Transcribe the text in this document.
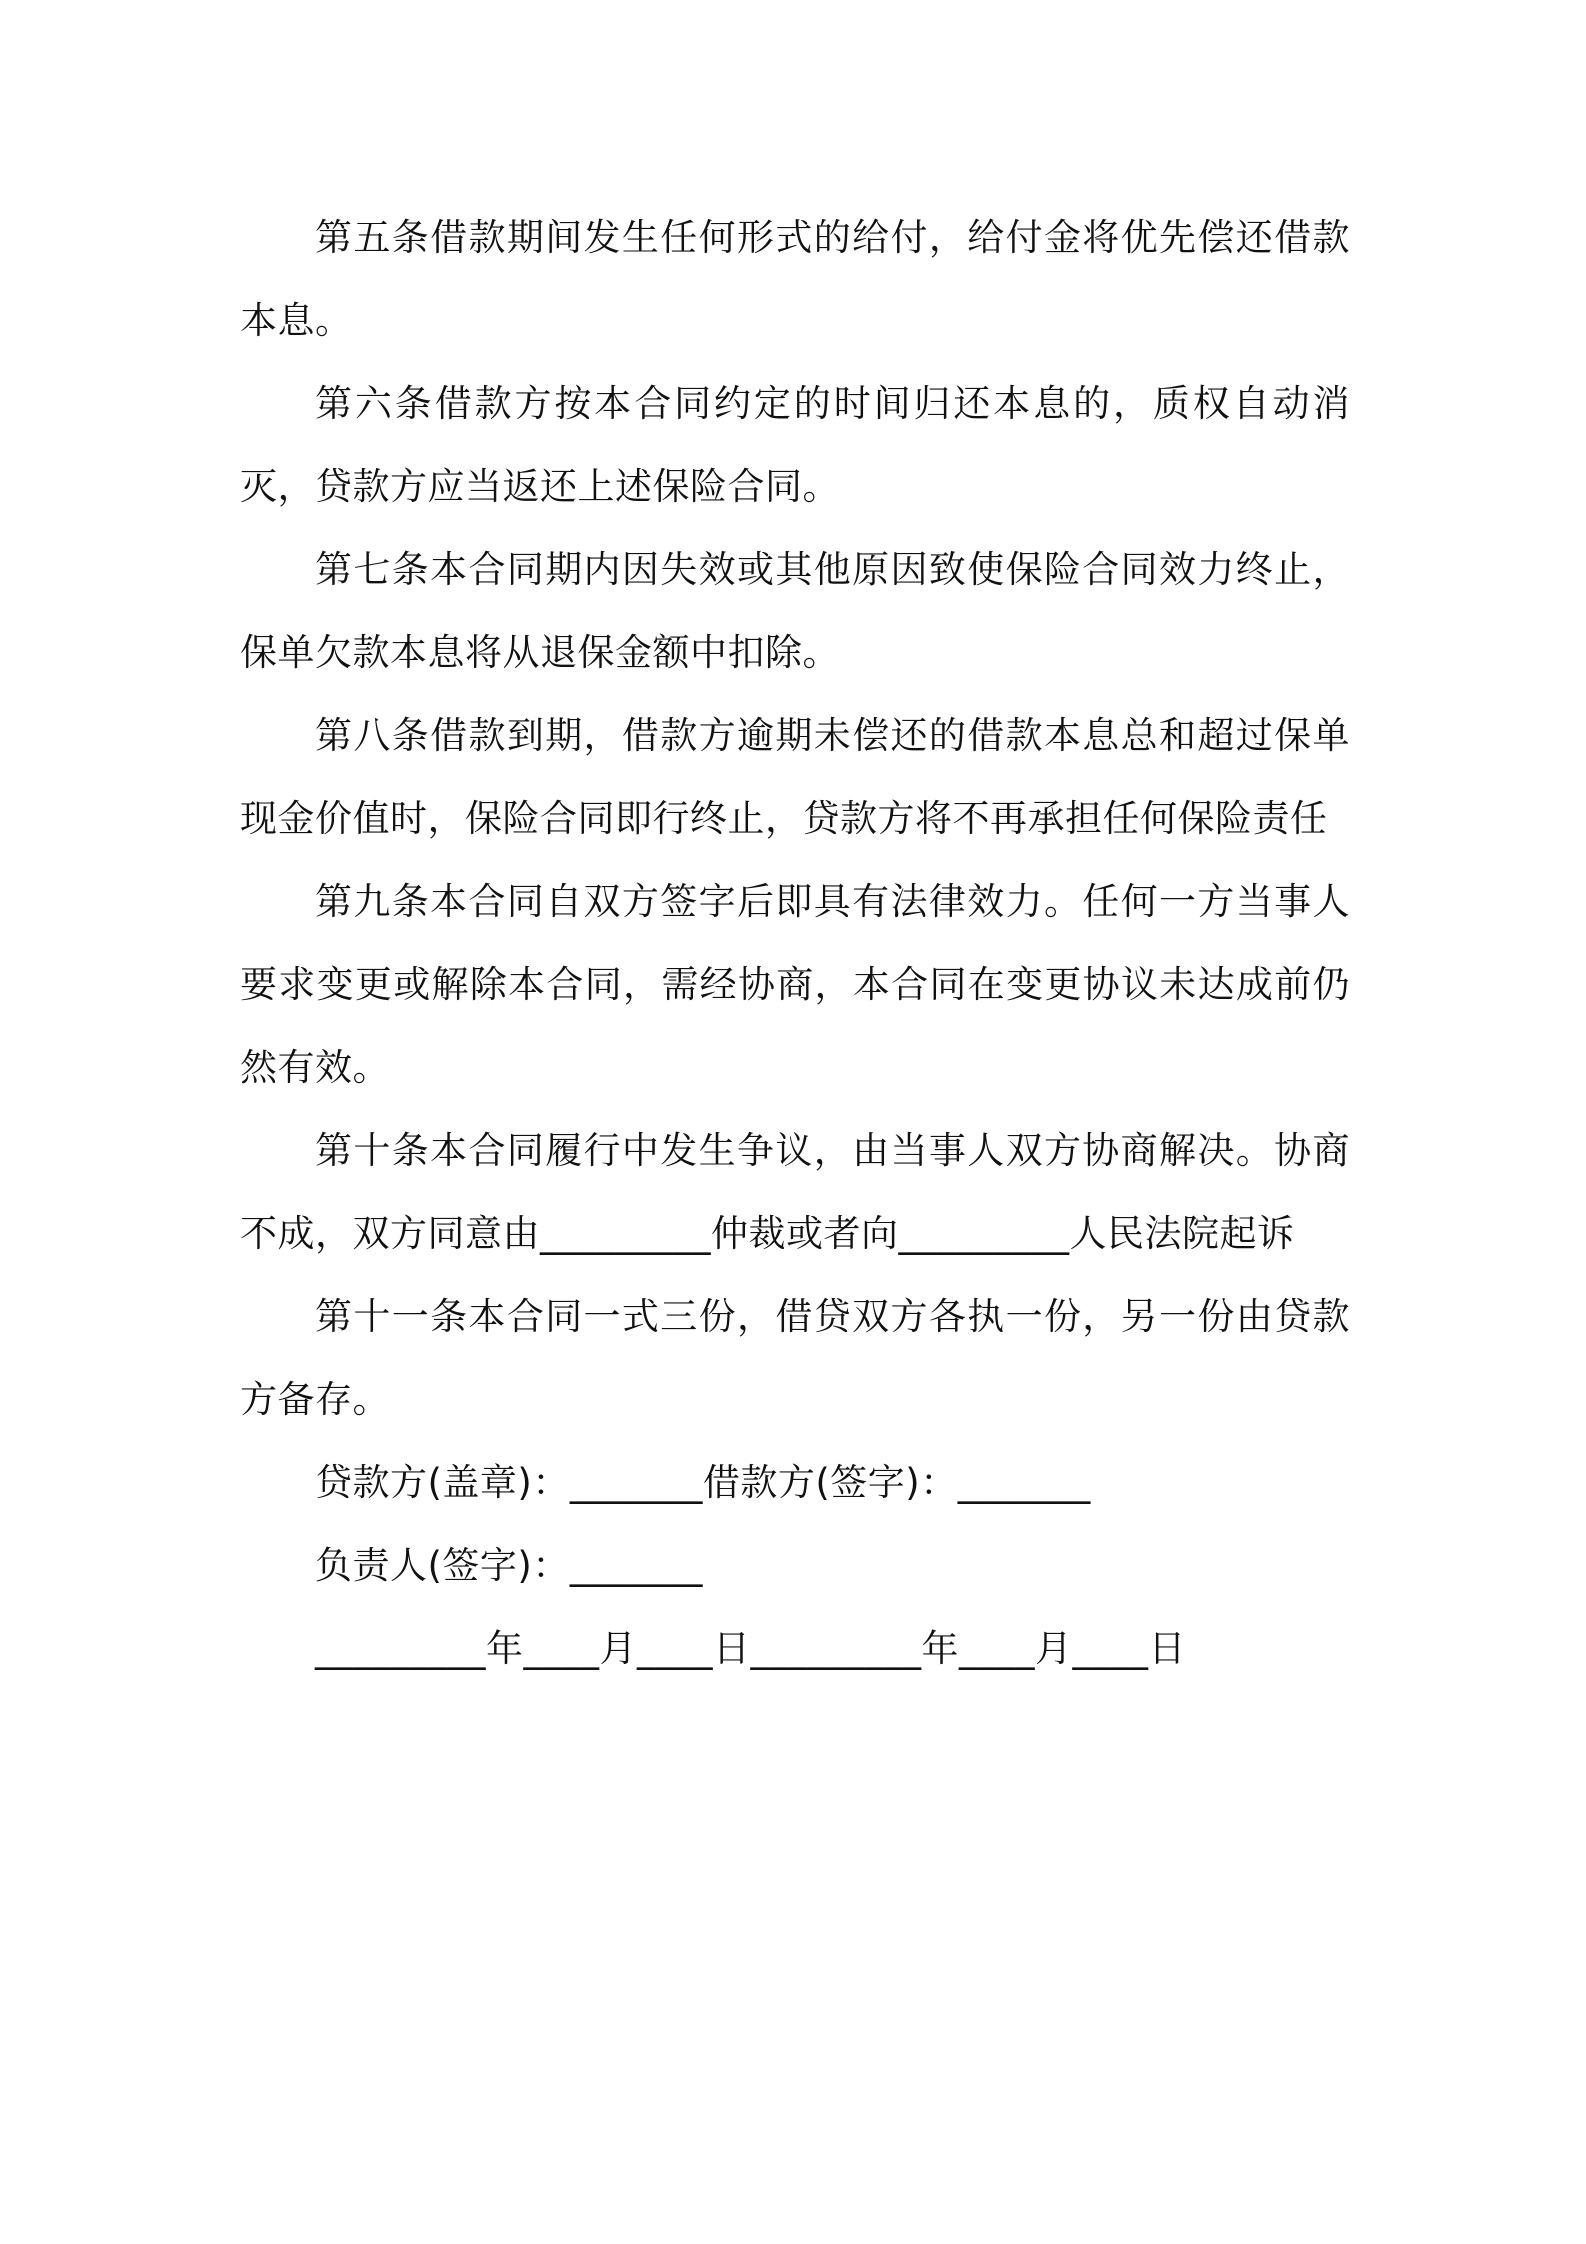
第五条借款期间发生任何形式的给付，给付金将优先偿还借款本息。

第六条借款方按本合同约定的时间归还本息的，质权自动消灭，贷款方应当返还上述保险合同。

第七条本合同期内因失效或其他原因致使保险合同效力终止，保单欠款本息将从退保金额中扣除。

第八条借款到期，借款方逾期未偿还的借款本息总和超过保单现金价值时，保险合同即行终止，贷款方将不再承担任何保险责任

第九条本合同自双方签字后即具有法律效力。任何一方当事人要求变更或解除本合同，需经协商，本合同在变更协议未达成前仍然有效。

第十条本合同履行中发生争议，由当事人双方协商解决。协商不成，双方同意由_________仲裁或者向_________人民法院起诉

第十一条本合同一式三份，借贷双方各执一份，另一份由贷款方备存。

贷款方(盖章)：_______借款方(签字)：_______

负责人(签字)：_______

_________年____月____日_________年____月____日
